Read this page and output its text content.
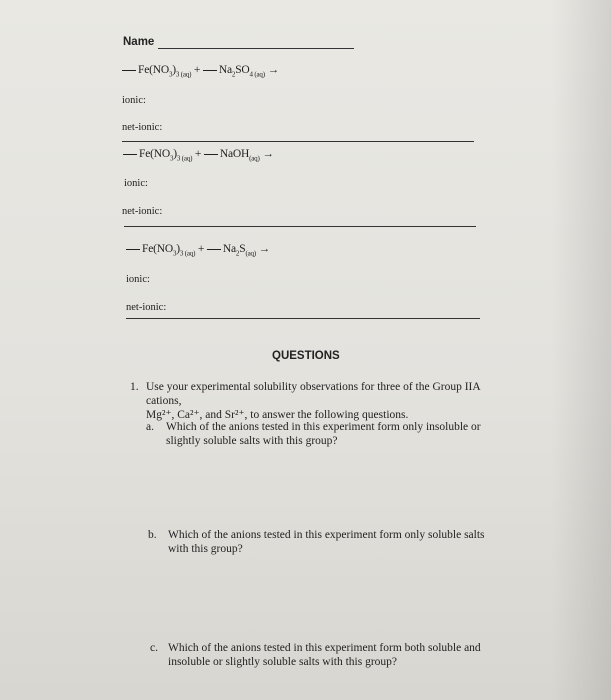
Name
$Fe(NO_3)_{3 (aq)} + Na_2SO_{4 (aq)}$ →
ionic:
net-ionic:
$Fe(NO_3)_{3 (aq)}$ + NaOH$_{(aq)}$ →
ionic:
net-ionic:
$Fe(NO_3)_{3 (aq)} + Na_2S_{(aq)}$ →
ionic:
net-ionic:
QUESTIONS
1. Use your experimental solubility observations for three of the Group IIA cations,
Mg²⁺, Ca²⁺, and Sr²⁺, to answer the following questions.
a. Which of the anions tested in this experiment form only insoluble or slightly soluble salts with this group?
b. Which of the anions tested in this experiment form only soluble salts with this group?
c. Which of the anions tested in this experiment form both soluble and insoluble or slightly soluble salts with this group?
